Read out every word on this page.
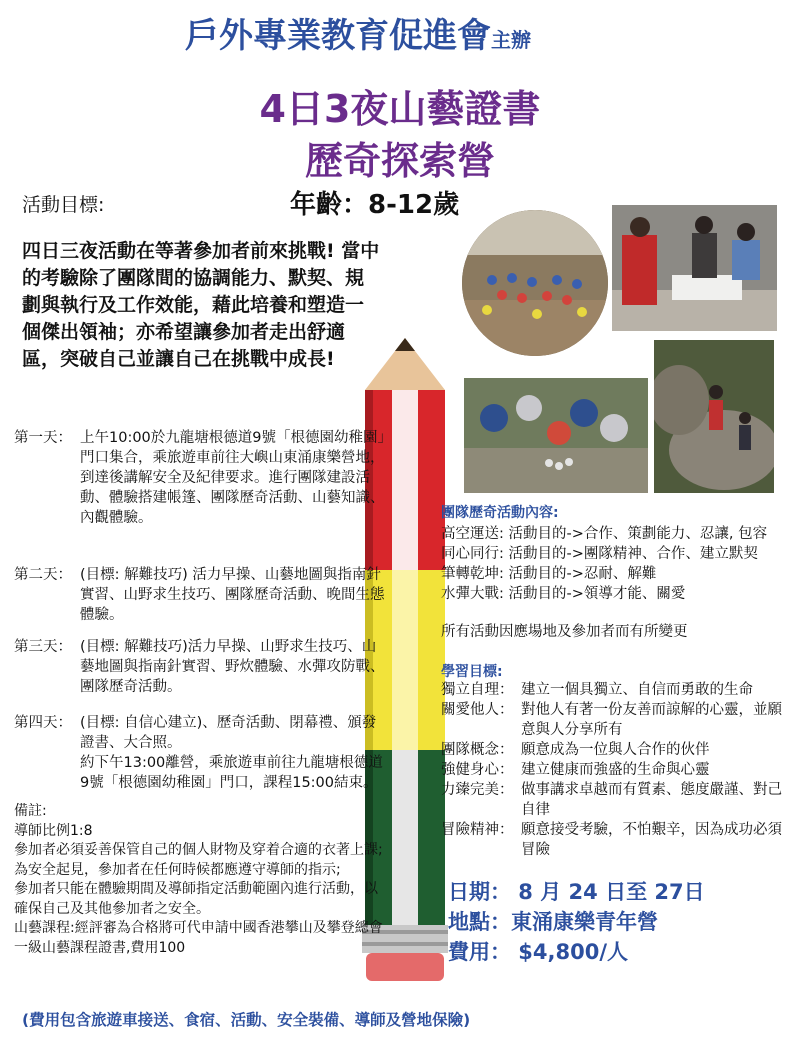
戶外專業教育促進會主辦
4日3夜山藝證書
歷奇探索營
活動目標:	年齡：8-12歲
四日三夜活動在等著參加者前來挑戰! 當中的考驗除了團隊間的協調能力、默契、規劃與執行及工作效能，藉此培養和塑造一個傑出領袖；亦希望讓參加者走出舒適區，突破自己並讓自己在挑戰中成長!
第一天： 上午10:00於九龍塘根德道9號「根德園幼稚園」門口集合，乘旅遊車前往大嶼山東涌康樂營地，到達後講解安全及紀律要求。進行團隊建設活動、體驗搭建帳篷、團隊歷奇活動、山藝知識、內觀體驗。
第二天： (目標: 解難技巧) 活力早操、山藝地圖與指南針實習、山野求生技巧、團隊歷奇活動、晚間生態體驗。
第三天： (目標: 解難技巧)活力早操、山野求生技巧、山藝地圖與指南針實習、野炊體驗、水彈攻防戰、團隊歷奇活動。
第四天： (目標: 自信心建立)、歷奇活動、閉幕禮、頒發證書、大合照。
約下午13:00離營，乘旅遊車前往九龍塘根德道9號「根德園幼稚園」門口，課程15:00結束。
備註:
導師比例1:8
參加者必須妥善保管自己的個人財物及穿着合適的衣著上課;
為安全起見，參加者在任何時候都應遵守導師的指示;
參加者只能在體驗期間及導師指定活動範圍內進行活動，以確保自己及其他參加者之安全。
山藝課程:經評審為合格將可代申請中國香港攀山及攀登總會一級山藝課程證書,費用100
(費用包含旅遊車接送、食宿、活動、安全裝備、導師及營地保險)
團隊歷奇活動內容:
高空運送: 活動目的->合作、策劃能力、忍讓, 包容
同心同行: 活動目的->團隊精神、合作、建立默契
筆轉乾坤: 活動目的->忍耐、解難
水彈大戰: 活動目的->領導才能、關愛
所有活動因應場地及參加者而有所變更
學習目標:
獨立自理： 建立一個具獨立、自信而勇敢的生命
關愛他人： 對他人有著一份友善而諒解的心靈，並願意與人分享所有
團隊概念： 願意成為一位與人合作的伙伴
強健身心： 建立健康而強盛的生命與心靈
力臻完美： 做事講求卓越而有質素、態度嚴謹、對己自律
冒險精神： 願意接受考驗，不怕艱辛，因為成功必須冒險
日期： 8 月 24 日至 27日
地點：東涌康樂青年營
費用： $4,800/人
